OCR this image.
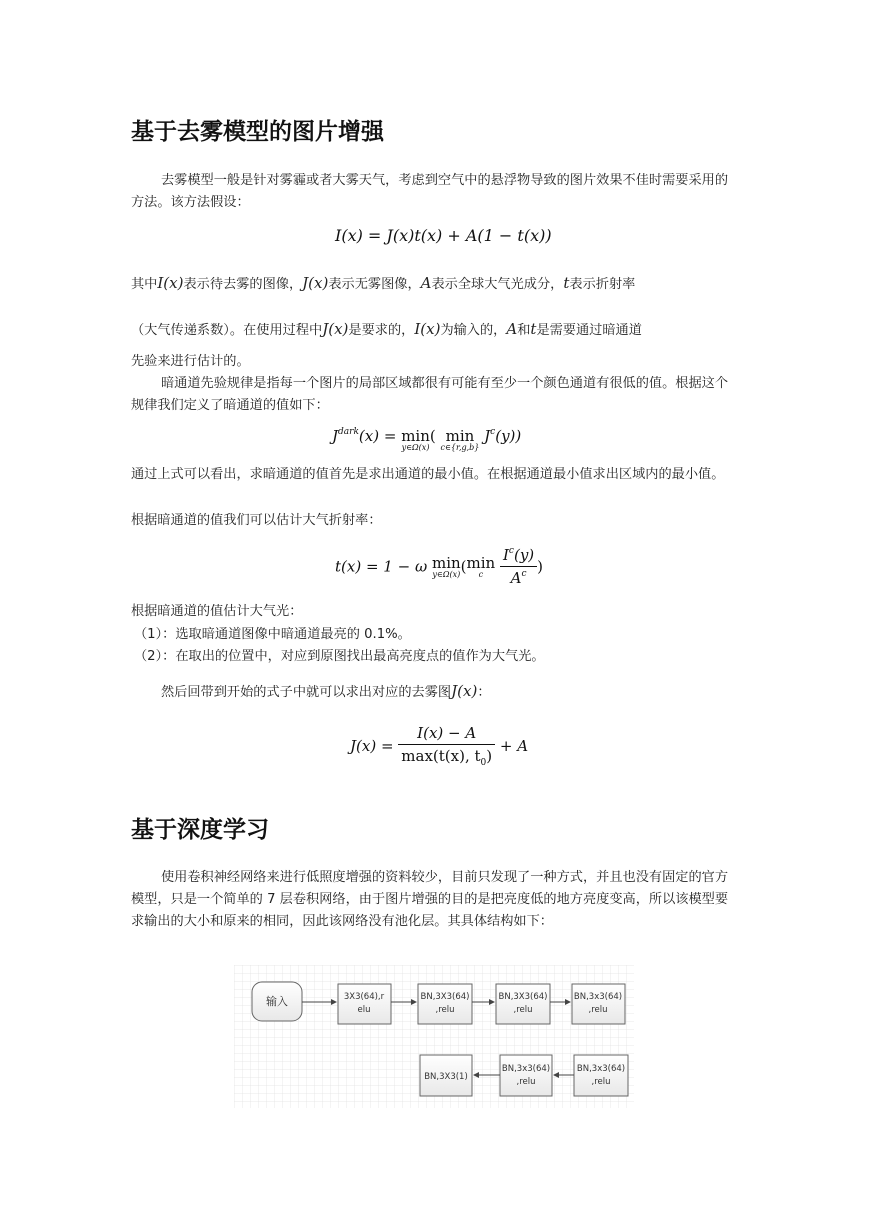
基于去雾模型的图片增强
去雾模型一般是针对雾霾或者大雾天气，考虑到空气中的悬浮物导致的图片效果不佳时需要采用的方法。该方法假设：
I(x) = J(x)t(x) + A(1 − t(x))
其中I(x)表示待去雾的图像，J(x)表示无雾图像，A表示全球大气光成分，t表示折射率
（大气传递系数）。在使用过程中J(x)是要求的，I(x)为输入的，A和t是需要通过暗通道
先验来进行估计的。
暗通道先验规律是指每一个图片的局部区域都很有可能有至少一个颜色通道有很低的值。根据这个规律我们定义了暗通道的值如下：
$J^{dark}(x) = \min$
y∈Ω(x)
( min
c∈{r,g,b}
$J^c(y)$)
通过上式可以看出，求暗通道的值首先是求出通道的最小值。在根据通道最小值求出区域内的最小值。
根据暗通道的值我们可以估计大气折射率：
t(x) = 1 − ω min
y∈Ω(x) ( min
c
	$\frac{I^c(y)}{A^c}$ )
根据暗通道的值估计大气光：
（1）：选取暗通道图像中暗通道最亮的 0.1%。
（2）：在取出的位置中，对应到原图找出最高亮度点的值作为大气光。
然后回带到开始的式子中就可以求出对应的去雾图J(x)：
$J(x) = \frac{I(x) - A}{\max(t(x), t_0)} + A$
基于深度学习
使用卷积神经网络来进行低照度增强的资料较少，目前只发现了一种方式，并且也没有固定的官方模型，只是一个简单的 7 层卷积网络，由于图片增强的目的是把亮度低的地方亮度变高，所以该模型要求输出的大小和原来的相同，因此该网络没有池化层。其具体结构如下：
输入	3X3(64),r
elu
BN,3X3(64)
,relu
BN,3X3(64)
,relu
BN,3x3(64)
,relu
BN,3x3(64)
,relu
BN,3x3(64)
,relu
BN,3X3(1)
